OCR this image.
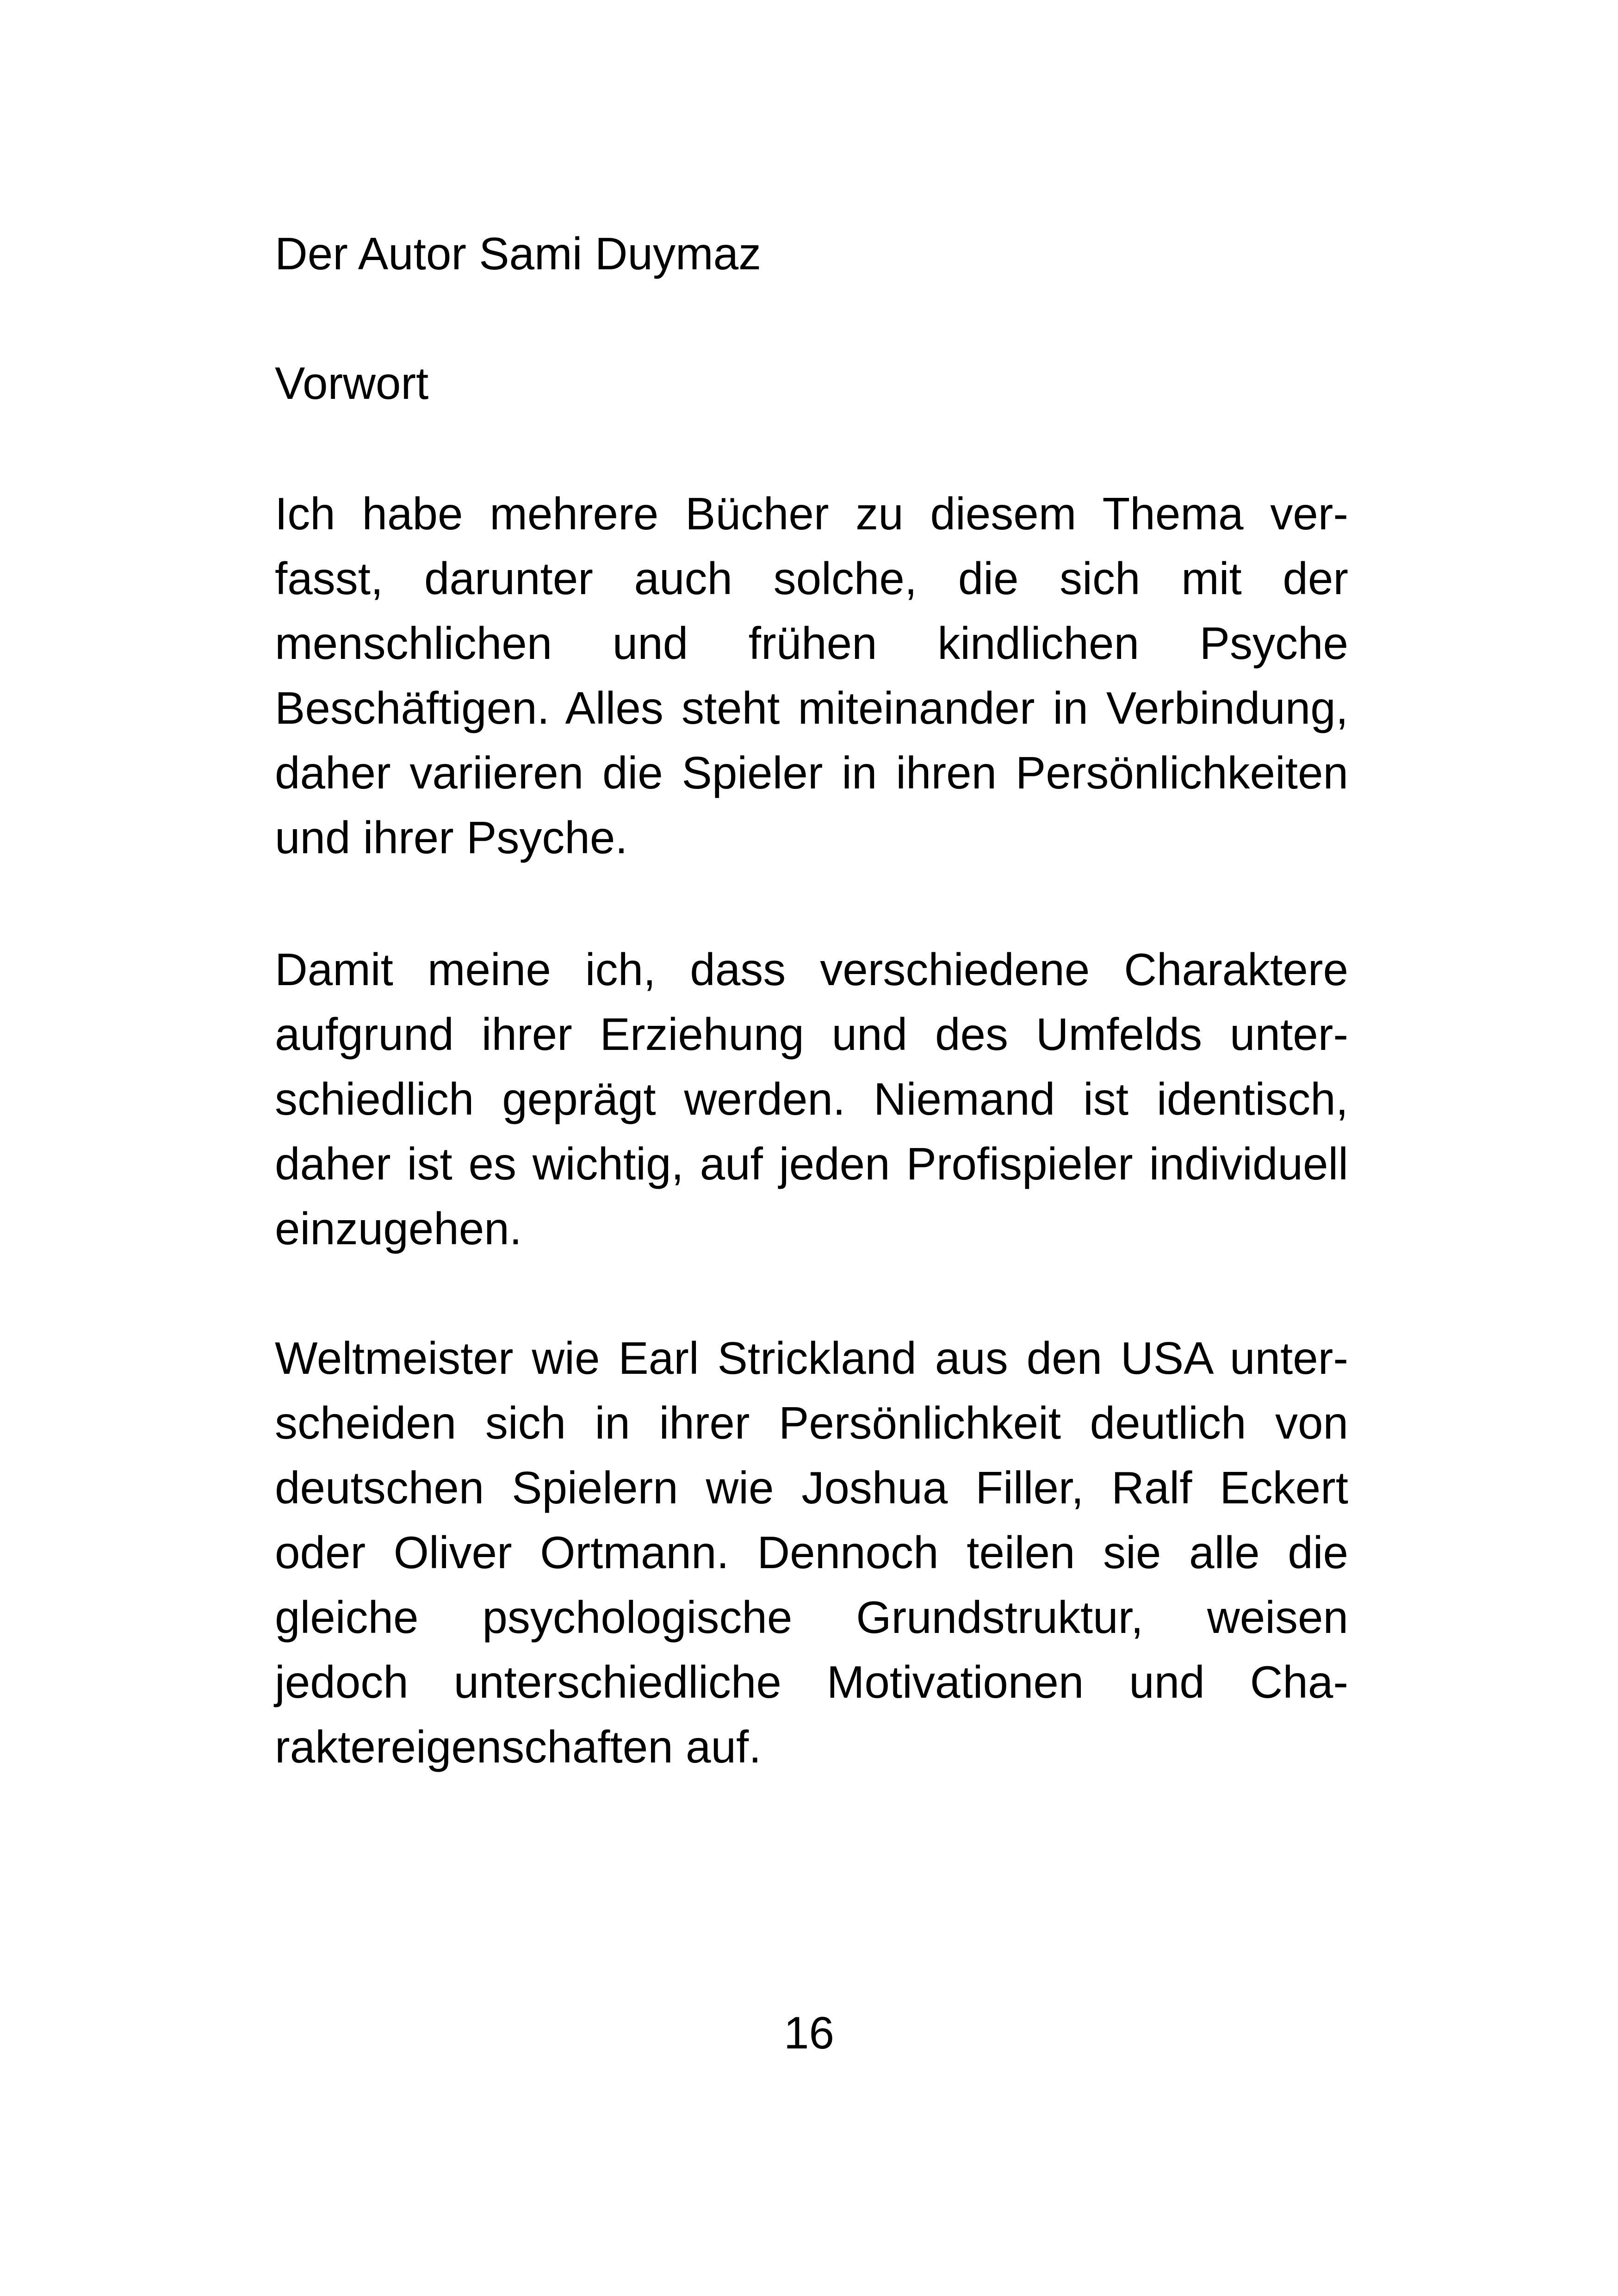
Der Autor Sami Duymaz
Vorwort
Ich habe mehrere Bücher zu diesem Thema ver-
fasst, darunter auch solche, die sich mit der
menschlichen und frühen kindlichen Psyche
Beschäftigen. Alles steht miteinander in Verbindung,
daher variieren die Spieler in ihren Persönlichkeiten
und ihrer Psyche.
Damit meine ich, dass verschiedene Charaktere
aufgrund ihrer Erziehung und des Umfelds unter-
schiedlich geprägt werden. Niemand ist identisch,
daher ist es wichtig, auf jeden Profispieler individuell
einzugehen.
Weltmeister wie Earl Strickland aus den USA unter-
scheiden sich in ihrer Persönlichkeit deutlich von
deutschen Spielern wie Joshua Filler, Ralf Eckert
oder Oliver Ortmann. Dennoch teilen sie alle die
gleiche psychologische Grundstruktur, weisen
jedoch unterschiedliche Motivationen und Cha-
raktereigenschaften auf.
16
